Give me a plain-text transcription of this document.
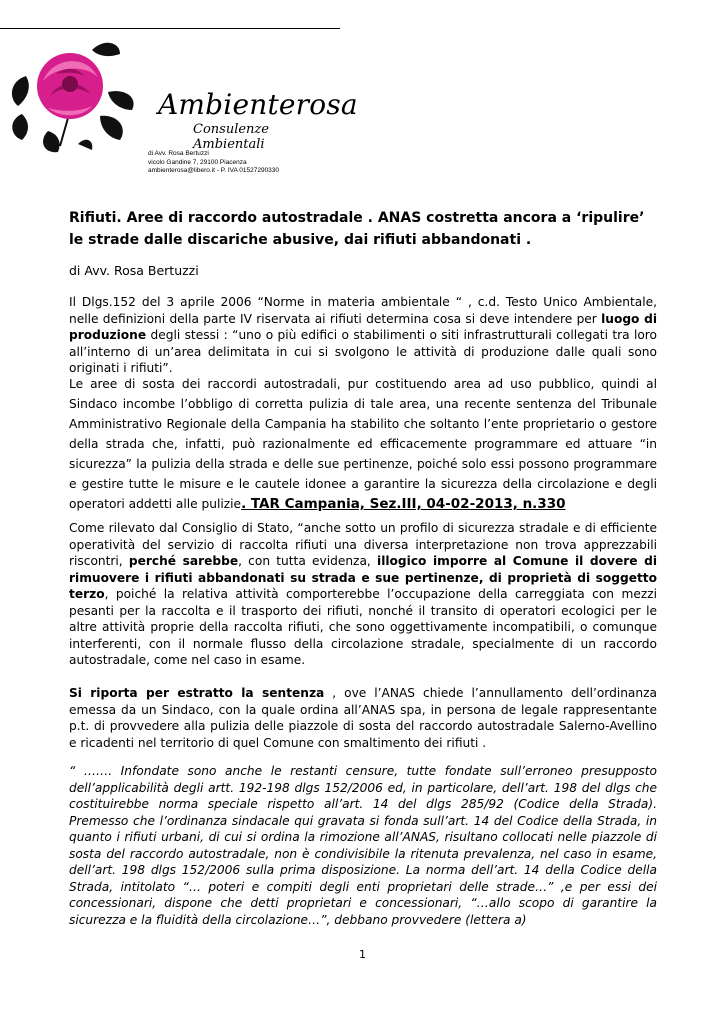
Ambienterosa
Consulenze Ambientali
di Avv. Rosa Bertuzzi
vicolo Gandine 7, 29100 Piacenza
ambienterosa@libero.it - P. IVA 01527290330
Rifiuti. Aree di raccordo autostradale . ANAS costretta ancora a ‘ripulire’ le strade dalle discariche abusive, dai rifiuti abbandonati .
di Avv. Rosa Bertuzzi

Il Dlgs.152 del 3 aprile 2006 “Norme in materia ambientale “ , c.d. Testo Unico Ambientale, nelle definizioni della parte IV riservata ai rifiuti determina cosa si deve intendere per luogo di produzione degli stessi : “uno o più edifici o stabilimenti o siti infrastrutturali collegati tra loro all’interno di un’area delimitata in cui si svolgono le attività di produzione dalle quali sono originati i rifiuti”.

Le aree di sosta dei raccordi autostradali, pur costituendo area ad uso pubblico, quindi al Sindaco incombe l’obbligo di corretta pulizia di tale area, una recente sentenza del Tribunale Amministrativo Regionale della Campania ha stabilito che soltanto l’ente proprietario o gestore della strada che, infatti, può razionalmente ed efficacemente programmare ed attuare “in sicurezza” la pulizia della strada e delle sue pertinenze, poiché solo essi possono programmare e gestire tutte le misure e le cautele idonee a garantire la sicurezza della circolazione e degli operatori addetti alle pulizie. TAR Campania, Sez.III, 04-02-2013, n.330

Come rilevato dal Consiglio di Stato, “anche sotto un profilo di sicurezza stradale e di efficiente operatività del servizio di raccolta rifiuti una diversa interpretazione non trova apprezzabili riscontri, perché sarebbe, con tutta evidenza, illogico imporre al Comune il dovere di rimuovere i rifiuti abbandonati su strada e sue pertinenze, di proprietà di soggetto terzo, poiché la relativa attività comporterebbe l’occupazione della carreggiata con mezzi pesanti per la raccolta e il trasporto dei rifiuti, nonché il transito di operatori ecologici per le altre attività proprie della raccolta rifiuti, che sono oggettivamente incompatibili, o comunque interferenti, con il normale flusso della circolazione stradale, specialmente di un raccordo autostradale, come nel caso in esame.

Si riporta per estratto la sentenza , ove l’ANAS chiede l’annullamento dell’ordinanza emessa da un Sindaco, con la quale ordina all’ANAS spa, in persona de legale rappresentante p.t. di provvedere alla pulizia delle piazzole di sosta del raccordo autostradale Salerno-Avellino e ricadenti nel territorio di quel Comune con smaltimento dei rifiuti .

“ ……. Infondate sono anche le restanti censure, tutte fondate sull’erroneo presupposto dell’applicabilità degli artt. 192-198 dlgs 152/2006 ed, in particolare, dell’art. 198 del dlgs che costituirebbe norma speciale rispetto all’art. 14 del dlgs 285/92 (Codice della Strada). Premesso che l’ordinanza sindacale qui gravata si fonda sull’art. 14 del Codice della Strada, in quanto i rifiuti urbani, di cui si ordina la rimozione all’ANAS, risultano collocati nelle piazzole di sosta del raccordo autostradale, non è condivisibile la ritenuta prevalenza, nel caso in esame, dell’art. 198 dlgs 152/2006 sulla prima disposizione. La norma dell’art. 14 della Codice della Strada, intitolato “… poteri e compiti degli enti proprietari delle strade…” ,e per essi dei concessionari, dispone che detti proprietari e concessionari, “…allo scopo di garantire la sicurezza e la fluidità della circolazione…”, debbano provvedere (lettera a)

1
